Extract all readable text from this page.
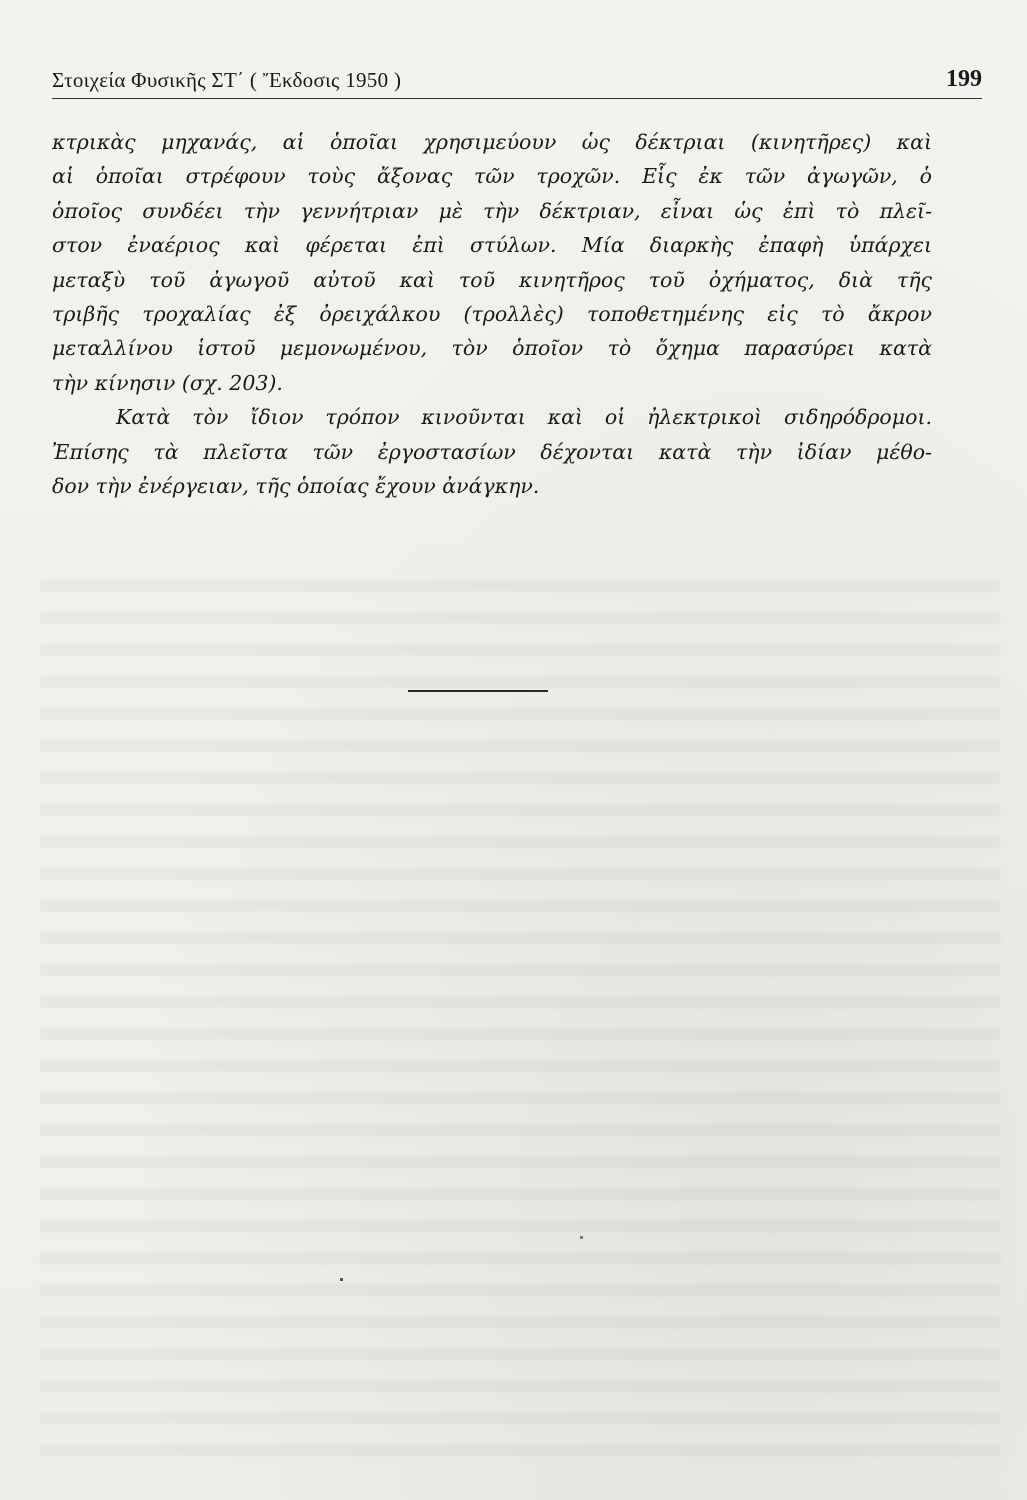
Στοιχεία Φυσικῆς ΣΤ΄ ( Ἔκδοσις 1950 )	199
κτρικὰς μηχανάς, αἱ ὁποῖαι χρησιμεύουν ὡς δέκτριαι (κινητῆρες) καὶ
αἱ ὁποῖαι στρέφουν τοὺς ἄξονας τῶν τροχῶν. Εἷς ἐκ τῶν ἀγωγῶν, ὁ
ὁποῖος συνδέει τὴν γεννήτριαν μὲ τὴν δέκτριαν, εἶναι ὡς ἐπὶ τὸ πλεῖ-
στον ἐναέριος καὶ φέρεται ἐπὶ στύλων. Μία διαρκὴς ἐπαφὴ ὑπάρχει
μεταξὺ τοῦ ἀγωγοῦ αὐτοῦ καὶ τοῦ κινητῆρος τοῦ ὀχήματος, διὰ τῆς
τριβῆς τροχαλίας ἐξ ὀρειχάλκου (τρολλὲς) τοποθετημένης εἰς τὸ ἄκρον
μεταλλίνου ἱστοῦ μεμονωμένου, τὸν ὁποῖον τὸ ὄχημα παρασύρει κατὰ
τὴν κίνησιν (σχ. 203).
Κατὰ τὸν ἴδιον τρόπον κινοῦνται καὶ οἱ ἠλεκτρικοὶ σιδηρόδρομοι.
Ἐπίσης τὰ πλεῖστα τῶν ἐργοστασίων δέχονται κατὰ τὴν ἰδίαν μέθο-
δον τὴν ἐνέργειαν, τῆς ὁποίας ἔχουν ἀνάγκην.
